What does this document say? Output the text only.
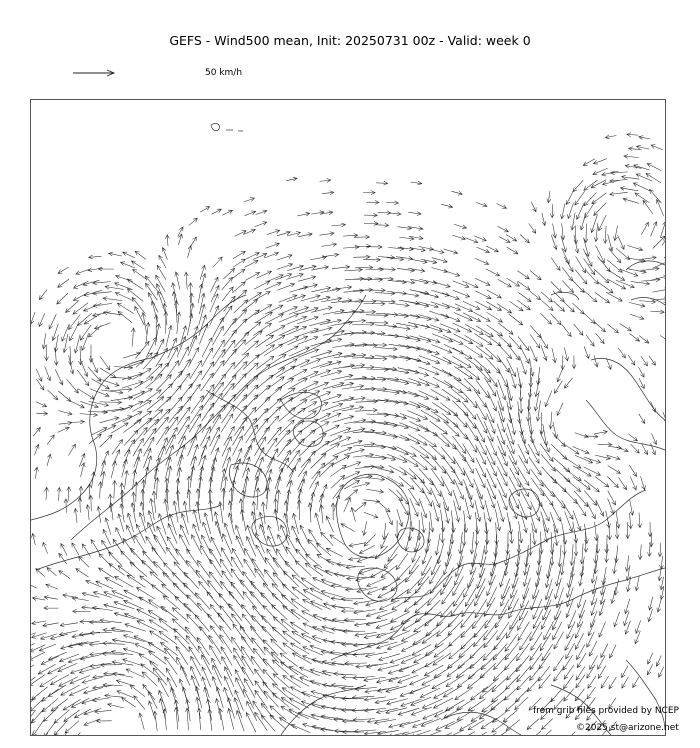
GEFS - Wind500 mean, Init: 20250731 00z - Valid: week 0
50 km/h
from grib files provided by NCEP
©2025 st@arizone.net
